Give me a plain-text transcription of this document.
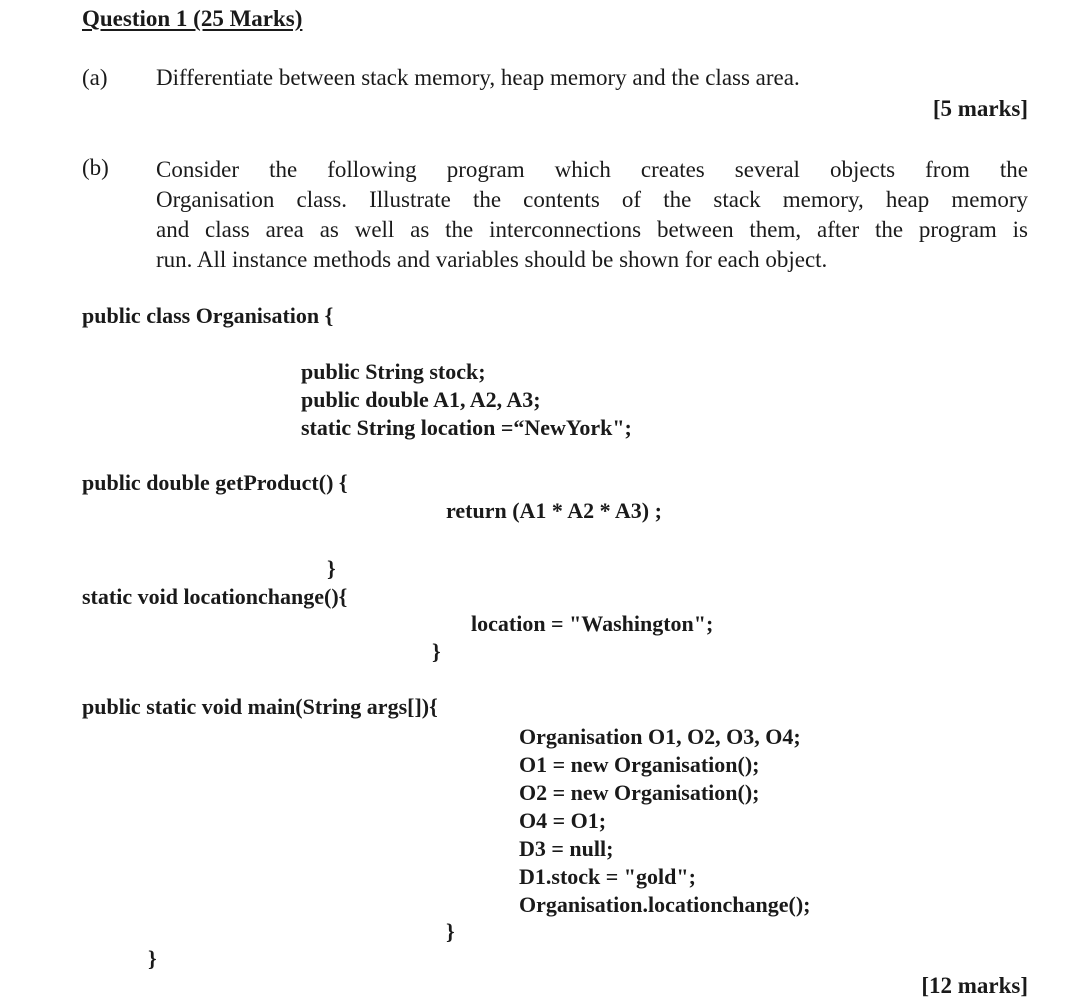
Question 1 (25 Marks)
(a) Differentiate between stack memory, heap memory and the class area.
[5 marks]
(b) Consider the following program which creates several objects from the
Organisation class. Illustrate the contents of the stack memory, heap memory
and class area as well as the interconnections between them, after the program is
run. All instance methods and variables should be shown for each object.
public class Organisation {
public String stock;
public double A1, A2, A3;
static String location =“NewYork";
public double getProduct() {
return (A1 * A2 * A3) ;
}
static void locationchange(){
location = "Washington";
}
public static void main(String args[]){
Organisation O1, O2, O3, O4;
O1 = new Organisation();
O2 = new Organisation();
O4 = O1;
D3 = null;
D1.stock = "gold";
Organisation.locationchange();
}
}
[12 marks]
